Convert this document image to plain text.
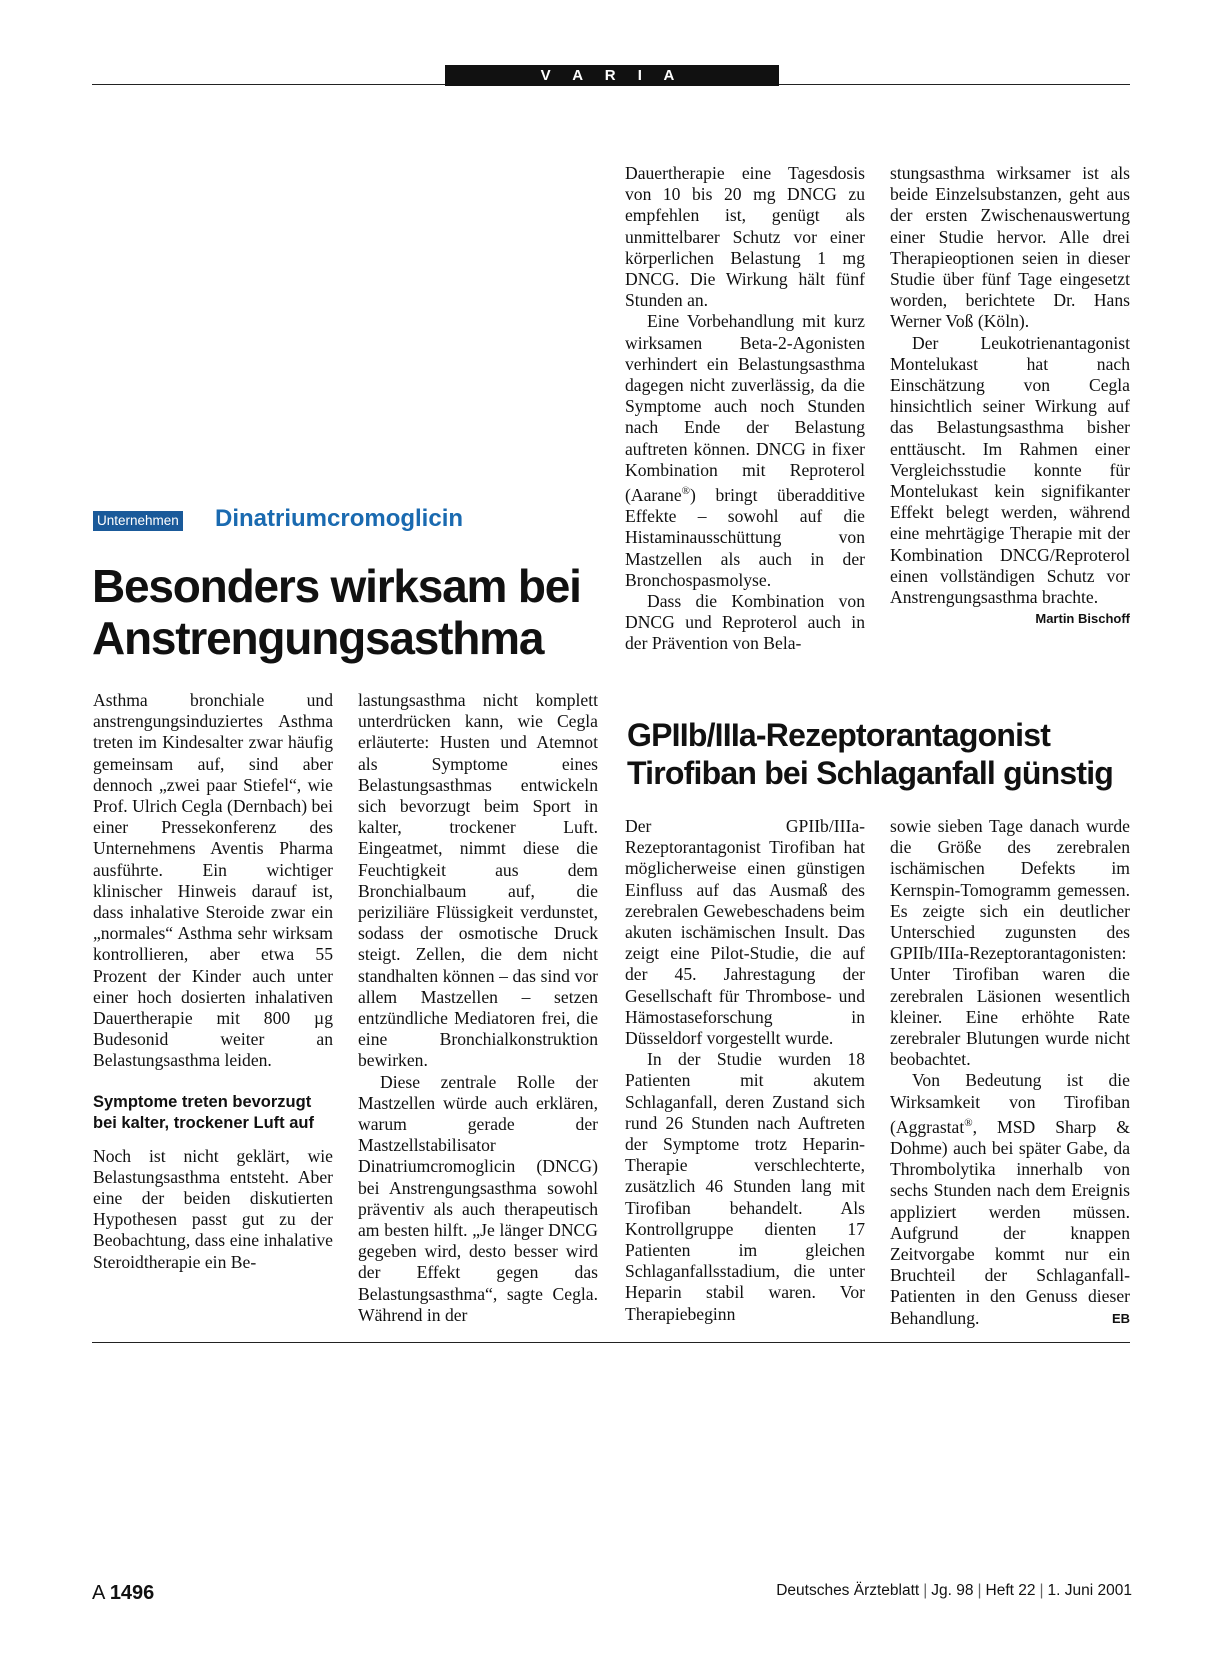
V A R I A
Unternehmen Dinatriumcromoglicin
Besonders wirksam bei
Anstrengungsasthma

Asthma bronchiale und anstrengungsinduziertes Asthma treten im Kindesalter zwar häufig gemeinsam auf, sind aber dennoch „zwei paar Stiefel“, wie Prof. Ulrich Cegla (Dernbach) bei einer Pressekonferenz des Unternehmens Aventis Pharma ausführte. Ein wichtiger klinischer Hinweis darauf ist, dass inhalative Steroide zwar ein „normales“ Asthma sehr wirksam kontrollieren, aber etwa 55 Prozent der Kinder auch unter einer hoch dosierten inhalativen Dauertherapie mit 800 µg Budesonid weiter an Belastungsasthma leiden.

Symptome treten bevorzugt bei kalter, trockener Luft auf

Noch ist nicht geklärt, wie Belastungsasthma entsteht. Aber eine der beiden diskutierten Hypothesen passt gut zu der Beobachtung, dass eine inhalative Steroidtherapie ein Be-

lastungsasthma nicht komplett unterdrücken kann, wie Cegla erläuterte: Husten und Atemnot als Symptome eines Belastungsasthmas entwickeln sich bevorzugt beim Sport in kalter, trockener Luft. Eingeatmet, nimmt diese die Feuchtigkeit aus dem Bronchialbaum auf, die periziliäre Flüssigkeit verdunstet, sodass der osmotische Druck steigt. Zellen, die dem nicht standhalten können – das sind vor allem Mastzellen – setzen entzündliche Mediatoren frei, die eine Bronchialkonstruktion bewirken.

Diese zentrale Rolle der Mastzellen würde auch erklären, warum gerade der Mastzellstabilisator Dinatriumcromoglicin (DNCG) bei Anstrengungsasthma sowohl präventiv als auch therapeutisch am besten hilft. „Je länger DNCG gegeben wird, desto besser wird der Effekt gegen das Belastungsasthma“, sagte Cegla. Während in der

Dauertherapie eine Tagesdosis von 10 bis 20 mg DNCG zu empfehlen ist, genügt als unmittelbarer Schutz vor einer körperlichen Belastung 1 mg DNCG. Die Wirkung hält fünf Stunden an.

Eine Vorbehandlung mit kurz wirksamen Beta-2-Agonisten verhindert ein Belastungsasthma dagegen nicht zuverlässig, da die Symptome auch noch Stunden nach Ende der Belastung auftreten können. DNCG in fixer Kombination mit Reproterol (Aarane®) bringt überadditive Effekte – sowohl auf die Histaminausschüttung von Mastzellen als auch in der Bronchospasmolyse.

Dass die Kombination von DNCG und Reproterol auch in der Prävention von Bela-

stungsasthma wirksamer ist als beide Einzelsubstanzen, geht aus der ersten Zwischenauswertung einer Studie hervor. Alle drei Therapieoptionen seien in dieser Studie über fünf Tage eingesetzt worden, berichtete Dr. Hans Werner Voß (Köln).

Der Leukotrienantagonist Montelukast hat nach Einschätzung von Cegla hinsichtlich seiner Wirkung auf das Belastungsasthma bisher enttäuscht. Im Rahmen einer Vergleichsstudie konnte für Montelukast kein signifikanter Effekt belegt werden, während eine mehrtägige Therapie mit der Kombination DNCG/Reproterol einen vollständigen Schutz vor Anstrengungsasthma brachte.
Martin Bischoff

GPIIb/IIIa-Rezeptorantagonist
Tirofiban bei Schlaganfall günstig

Der GPIIb/IIIa-Rezeptorantagonist Tirofiban hat möglicherweise einen günstigen Einfluss auf das Ausmaß des zerebralen Gewebeschadens beim akuten ischämischen Insult. Das zeigt eine Pilot-Studie, die auf der 45. Jahrestagung der Gesellschaft für Thrombose- und Hämostaseforschung in Düsseldorf vorgestellt wurde.

In der Studie wurden 18 Patienten mit akutem Schlaganfall, deren Zustand sich rund 26 Stunden nach Auftreten der Symptome trotz Heparin-Therapie verschlechterte, zusätzlich 46 Stunden lang mit Tirofiban behandelt. Als Kontrollgruppe dienten 17 Patienten im gleichen Schlaganfallsstadium, die unter Heparin stabil waren. Vor Therapiebeginn

sowie sieben Tage danach wurde die Größe des zerebralen ischämischen Defekts im Kernspin-Tomogramm gemessen. Es zeigte sich ein deutlicher Unterschied zugunsten des GPIIb/IIIa-Rezeptorantagonisten: Unter Tirofiban waren die zerebralen Läsionen wesentlich kleiner. Eine erhöhte Rate zerebraler Blutungen wurde nicht beobachtet.

Von Bedeutung ist die Wirksamkeit von Tirofiban (Aggrastat®, MSD Sharp & Dohme) auch bei später Gabe, da Thrombolytika innerhalb von sechs Stunden nach dem Ereignis appliziert werden müssen. Aufgrund der knappen Zeitvorgabe kommt nur ein Bruchteil der Schlaganfall-Patienten in den Genuss dieser Behandlung.	EB

A 1496	Deutsches Ärzteblatt | Jg. 98 | Heft 22 | 1. Juni 2001
